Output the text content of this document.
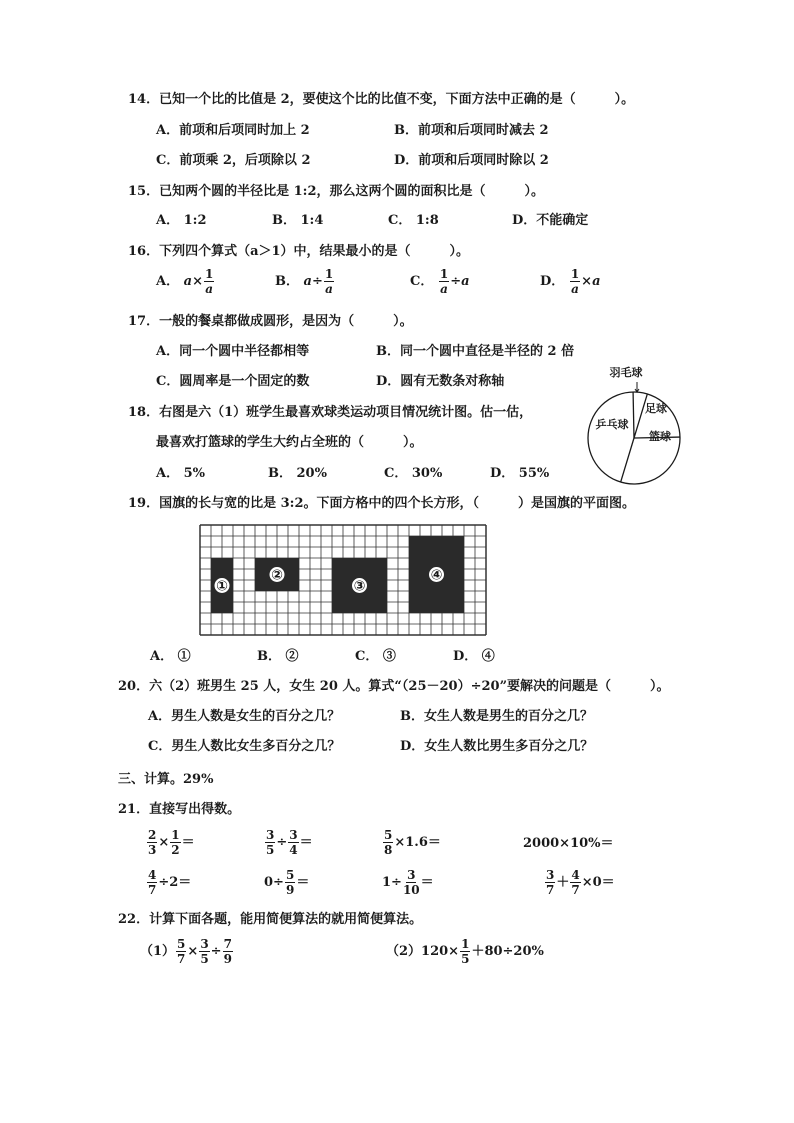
14．已知一个比的比值是 2，要使这个比的比值不变，下面方法中正确的是（　　　）。
A．前项和后项同时加上 2	B．前项和后项同时减去 2
C．前项乘 2，后项除以 2	D．前项和后项同时除以 2
15．已知两个圆的半径比是 1:2，那么这两个圆的面积比是（　　　）。
A． 1:2	B． 1:4	C． 1:8	D．不能确定
16．下列四个算式（a＞1）中，结果最小的是（　　　）。
A． $a\times \frac{1}{a}$	B． $a\div \frac{1}{a}$	C． $\frac{1}{a} \div a$	D． $\frac{1}{a} \times a$
17．一般的餐桌都做成圆形，是因为（　　　）。
A．同一个圆中半径都相等	B．同一个圆中直径是半径的 2 倍
C．圆周率是一个固定的数	D．圆有无数条对称轴
18．右图是六（1）班学生最喜欢球类运动项目情况统计图。估一估，
最喜欢打篮球的学生大约占全班的（　　　）。
A． 5%	B． 20%	C． 30%	D． 55%
羽毛球
足球
篮球
乒乓球
19．国旗的长与宽的比是 3:2。下面方格中的四个长方形，（　　　）是国旗的平面图。
①
②
③
④
A． ①	B． ②	C． ③	D． ④
20．六（2）班男生 25 人，女生 20 人。算式“（25－20）÷20”要解决的问题是（　　　）。
A．男生人数是女生的百分之几？	B．女生人数是男生的百分之几？
C．男生人数比女生多百分之几？	D．女生人数比男生多百分之几？
三、计算。29%
21．直接写出得数。
$\frac{2}{3} \times \frac{1}{2}$ ＝	$\frac{3}{5} \div \frac{3}{4}$ ＝	$\frac{5}{8} \times 1.6=$	2000×10%＝
$\frac{4}{7} \div 2=$	$0\div \frac{5}{9}$ ＝	$1\div \frac{3}{10}$ ＝	$\frac{3}{7} + \frac{4}{7} \times 0=$
22．计算下面各题，能用简便算法的就用简便算法。
$(1) \frac{5}{7} \times \frac{3}{5} \div \frac{7}{9}$	$(2)120\times \frac{1}{5} +80\div 20\%$
